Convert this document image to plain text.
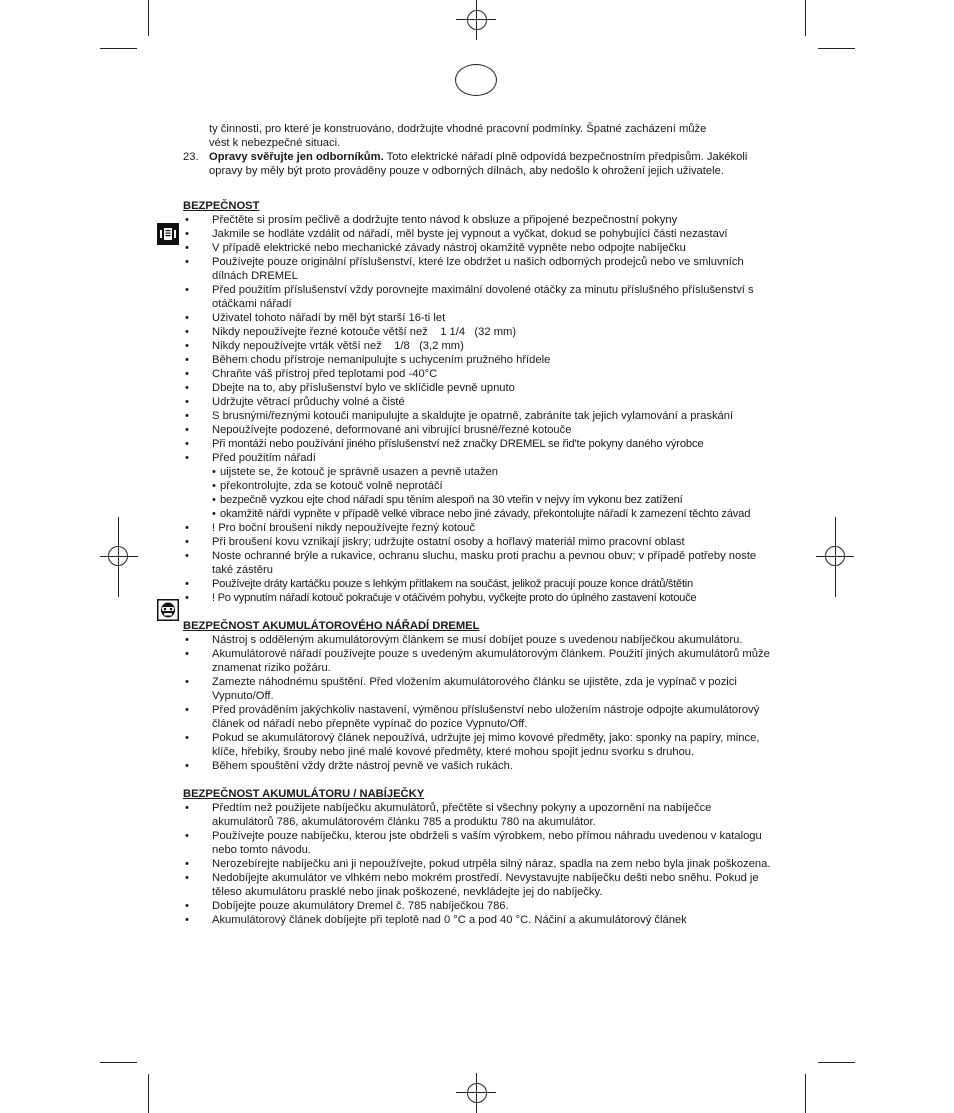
ty činnosti, pro které je konstruováno, dodržujte vhodné pracovní podmínky. Špatné zacházení může

vést k nebezpečné situaci.

23. Opravy svěřujte jen odborníkům. Toto elektrické nářadí plně odpovídá bezpečnostním předpisům. Jakékoli opravy by měly být proto prováděny pouze v odborných dílnách, aby nedošlo k ohrožení jejich uživatele.

BEZPEČNOST

• Přečtěte si prosím pečlivě a dodržujte tento návod k obsluze a připojené bezpečnostní pokyny
• Jakmile se hodláte vzdálit od nářadí, měl byste jej vypnout a vyčkat, dokud se pohybující části nezastaví
• V případě elektrické nebo mechanické závady nástroj okamžitě vypněte nebo odpojte nabíječku
• Používejte pouze originální příslušenství, které lze obdržet u našich odborných prodejců nebo ve smluvních dílnách DREMEL
• Před použitím příslušenství vždy porovnejte maximální dovolené otáčky za minutu příslušného příslušenství s otáčkami nářadí
• Uživatel tohoto nářadí by měl být starší 16-ti let
• Nikdy nepoužívejte řezné kotouče větší než    1 1/4   (32 mm)
• Nikdy nepoužívejte vrták větší než    1/8   (3,2 mm)
• Během chodu přístroje nemanipulujte s uchycením pružného hřídele
• Chraňte váš přístroj před teplotami pod -40°C
• Dbejte na to, aby příslušenství bylo ve sklíčidle pevně upnuto
• Udržujte větrací průduchy volné a čisté
• S brusnými/řeznými kotouči manipulujte a skaldujte je opatrně, zabráníte tak jejich vylamování a praskání
• Nepoužívejte podozené, deformované ani vibrující brusné/řezné kotouče
• Při montáži nebo používání jiného příslušenství než značky DREMEL se řid'te pokyny daného výrobce
• Před použitím nářadí
• uijstete se, že kotouč je správně usazen a pevně utažen
• překontrolujte, zda se kotouč volně neprotáčí
• bezpečně vyzkou ejte chod nářadí spu těním alespoň na 30 vteřin v nejvy ím vykonu bez zatížení
• okamžitě nářdí vypněte v případě velké vibrace nebo jiné závady, překontolujte nářadí k zamezení těchto závad
• ! Pro boční broušení nikdy nepoužívejte řezný kotouč
• Při broušení kovu vznikají jiskry; udržujte ostatní osoby a hořlavý materiál mimo pracovní oblast
• Noste ochranné brýle a rukavice, ochranu sluchu, masku proti prachu a pevnou obuv; v případě potřeby noste také zástěru
• Používejte dráty kartáčku pouze s lehkým přítlakem na součást, jelikož pracují pouze konce drátů/štětin
• ! Po vypnutím nářadí kotouč pokračuje v otáčivém pohybu, vyčkejte proto do úplného zastavení kotouče

BEZPEČNOST AKUMULÁTOROVÉHO NÁŘADÍ DREMEL

• Nástroj s odděleným akumulátorovým článkem se musí dobíjet pouze s uvedenou nabíječkou akumulátoru.
• Akumulátorové nářadí používejte pouze s uvedeným akumulátorovým článkem. Použití jiných akumulátorů může znamenat riziko požáru.
• Zamezte náhodnému spuštění. Před vložením akumulátorového článku se ujistěte, zda je vypínač v pozici Vypnuto/Off.
• Před prováděním jakýchkoliv nastavení, výměnou příslušenství nebo uložením nástroje odpojte akumulátorový článek od nářadí nebo přepněte vypínač do pozice Vypnuto/Off.
• Pokud se akumulátorový článek nepoužívá, udržujte jej mimo kovové předměty, jako: sponky na papíry, mince, klíče, hřebíky, šrouby nebo jiné malé kovové předměty, které mohou spojit jednu svorku s druhou.
• Během spouštění vždy držte nástroj pevně ve vašich rukách.

BEZPEČNOST AKUMULÁTORU / NABÍJEČKY

• Předtím než použijete nabíječku akumulátorů, přečtěte si všechny pokyny a upozornění na nabíječce akumulátorů 786, akumulátorovém článku 785 a produktu 780 na akumulátor.
• Používejte pouze nabíječku, kterou jste obdrželi s vaším výrobkem, nebo přímou náhradu uvedenou v katalogu nebo tomto návodu.
• Nerozebírejte nabíječku ani ji nepoužívejte, pokud utrpěla silný náraz, spadla na zem nebo byla jinak poškozena.
• Nedobíjejte akumulátor ve vlhkém nebo mokrém prostředí. Nevystavujte nabíječku dešti nebo sněhu. Pokud je těleso akumulátoru prasklé nebo jinak poškozené, nevkládejte jej do nabíječky.
• Dobíjejte pouze akumulátory Dremel č. 785 nabíječkou 786.
• Akumulátorový článek dobíjejte při teplotě nad 0 °C a pod 40 °C. Náčiní a akumulátorový článek
